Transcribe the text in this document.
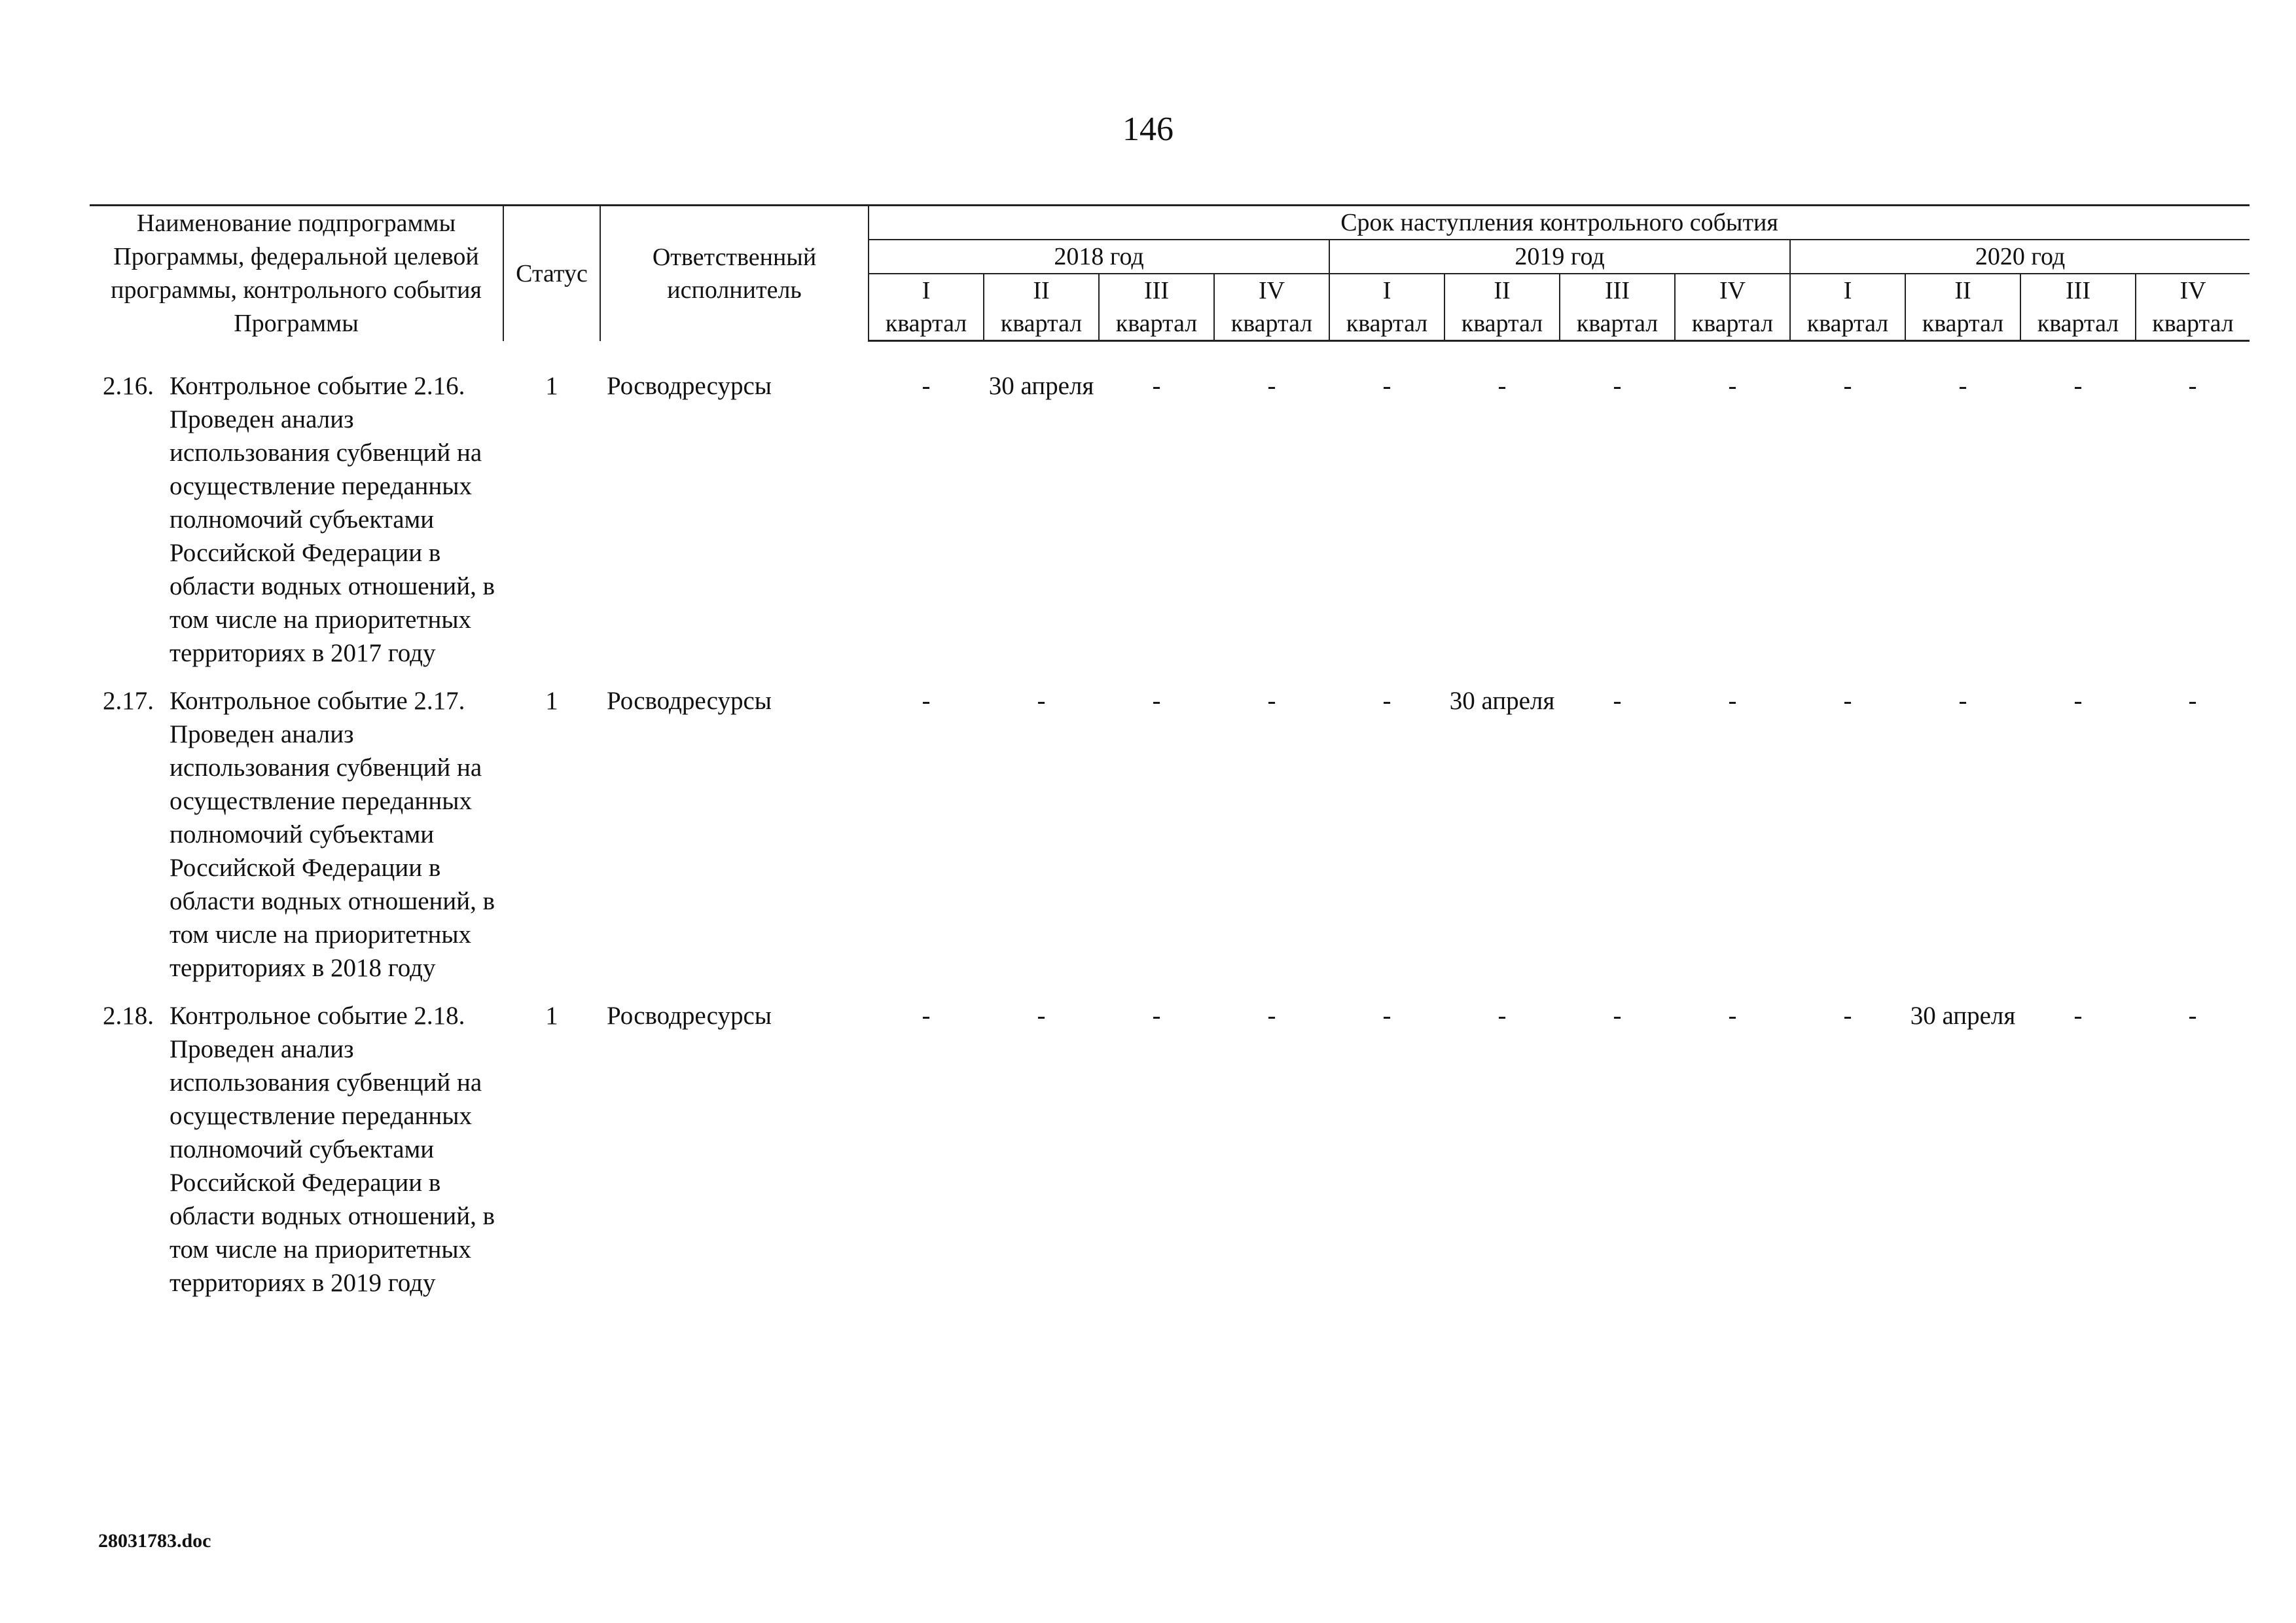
146
Наименование подпрограммы Программы, федеральной целевой программы, контрольного события Программы		Статус	Ответственный исполнитель	Срок наступления контрольного события											
				2018 год				2019 год				2020 год			
				I	II	III	IV	I	II	III	IV	I	II	III	IV
				квартал	квартал	квартал	квартал	квартал	квартал	квартал	квартал	квартал	квартал	квартал	квартал

2.16.	Контрольное событие 2.16. Проведен анализ использования субвенций на осуществление переданных полномочий субъектами Российской Федерации в области водных отношений, в том числе на приоритетных территориях в 2017 году	1	Росводресурсы	-	30 апреля	-	-	-	-	-	-	-	-	-	-
2.17.	Контрольное событие 2.17. Проведен анализ использования субвенций на осуществление переданных полномочий субъектами Российской Федерации в области водных отношений, в том числе на приоритетных территориях в 2018 году	1	Росводресурсы	-	-	-	-	-	30 апреля	-	-	-	-	-	-
2.18.	Контрольное событие 2.18. Проведен анализ использования субвенций на осуществление переданных полномочий субъектами Российской Федерации в области водных отношений, в том числе на приоритетных территориях в 2019 году	1	Росводресурсы	-	-	-	-	-	-	-	-	-	30 апреля	-	-
28031783.doc
